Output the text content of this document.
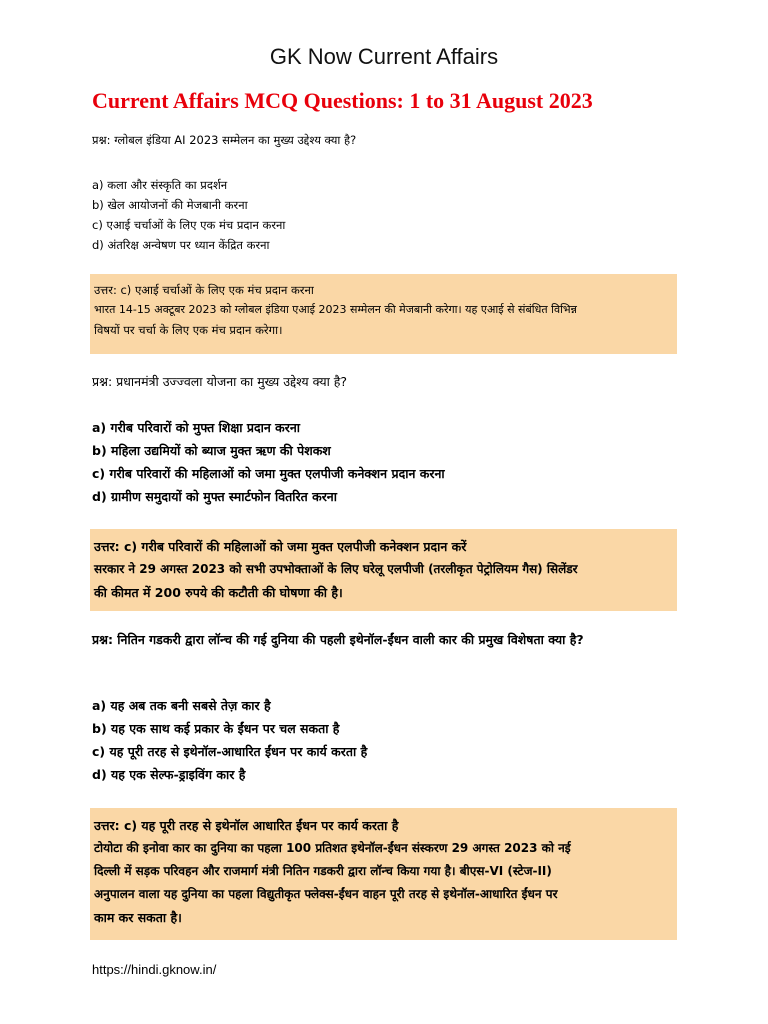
GK Now Current Affairs
Current Affairs MCQ Questions: 1 to 31 August 2023
प्रश्न: ग्लोबल इंडिया AI 2023 सम्मेलन का मुख्य उद्देश्य क्या है?
a) कला और संस्कृति का प्रदर्शन
b) खेल आयोजनों की मेजबानी करना
c) एआई चर्चाओं के लिए एक मंच प्रदान करना
d) अंतरिक्ष अन्वेषण पर ध्यान केंद्रित करना
उत्तर: c) एआई चर्चाओं के लिए एक मंच प्रदान करना
भारत 14-15 अक्टूबर 2023 को ग्लोबल इंडिया एआई 2023 सम्मेलन की मेजबानी करेगा। यह एआई से संबंधित विभिन्न
विषयों पर चर्चा के लिए एक मंच प्रदान करेगा।
प्रश्न: प्रधानमंत्री उज्ज्वला योजना का मुख्य उद्देश्य क्या है?
a) गरीब परिवारों को मुफ्त शिक्षा प्रदान करना
b) महिला उद्यमियों को ब्याज मुक्त ऋण की पेशकश
c) गरीब परिवारों की महिलाओं को जमा मुक्त एलपीजी कनेक्शन प्रदान करना
d) ग्रामीण समुदायों को मुफ्त स्मार्टफोन वितरित करना
उत्तर: c) गरीब परिवारों की महिलाओं को जमा मुक्त एलपीजी कनेक्शन प्रदान करें
सरकार ने 29 अगस्त 2023 को सभी उपभोक्ताओं के लिए घरेलू एलपीजी (तरलीकृत पेट्रोलियम गैस) सिलेंडर
की कीमत में 200 रुपये की कटौती की घोषणा की है।
प्रश्न: नितिन गडकरी द्वारा लॉन्च की गई दुनिया की पहली इथेनॉल-ईंधन वाली कार की प्रमुख विशेषता क्या है?
a) यह अब तक बनी सबसे तेज़ कार है
b) यह एक साथ कई प्रकार के ईंधन पर चल सकता है
c) यह पूरी तरह से इथेनॉल-आधारित ईंधन पर कार्य करता है
d) यह एक सेल्फ-ड्राइविंग कार है
उत्तर: c) यह पूरी तरह से इथेनॉल आधारित ईंधन पर कार्य करता है
टोयोटा की इनोवा कार का दुनिया का पहला 100 प्रतिशत इथेनॉल-ईंधन संस्करण 29 अगस्त 2023 को नई
दिल्ली में सड़क परिवहन और राजमार्ग मंत्री नितिन गडकरी द्वारा लॉन्च किया गया है। बीएस-VI (स्टेज-II)
अनुपालन वाला यह दुनिया का पहला विद्युतीकृत फ्लेक्स-ईंधन वाहन पूरी तरह से इथेनॉल-आधारित ईंधन पर
काम कर सकता है।
https://hindi.gknow.in/
